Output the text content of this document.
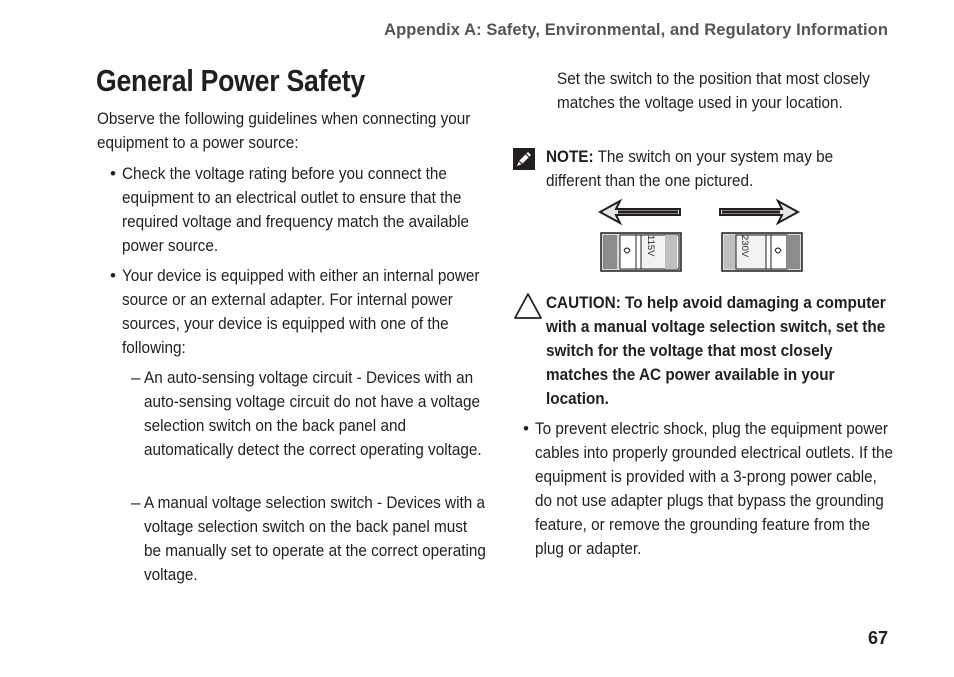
Appendix A: Safety, Environmental, and Regulatory Information
General Power Safety
Observe the following guidelines when connecting your equipment to a power source:
• Check the voltage rating before you connect the equipment to an electrical outlet to ensure that the required voltage and frequency match the available power source.
• Your device is equipped with either an internal power source or an external adapter. For internal power sources, your device is equipped with one of the following:
– An auto-sensing voltage circuit - Devices with an auto-sensing voltage circuit do not have a voltage selection switch on the back panel and automatically detect the correct operating voltage.
– A manual voltage selection switch - Devices with a voltage selection switch on the back panel must be manually set to operate at the correct operating voltage.
Set the switch to the position that most closely matches the voltage used in your location.
NOTE: The switch on your system may be different than the one pictured.
115V	230V
CAUTION: To help avoid damaging a computer with a manual voltage selection switch, set the switch for the voltage that most closely matches the AC power available in your location.
• To prevent electric shock, plug the equipment power cables into properly grounded electrical outlets. If the equipment is provided with a 3-prong power cable, do not use adapter plugs that bypass the grounding feature, or remove the grounding feature from the plug or adapter.
67
